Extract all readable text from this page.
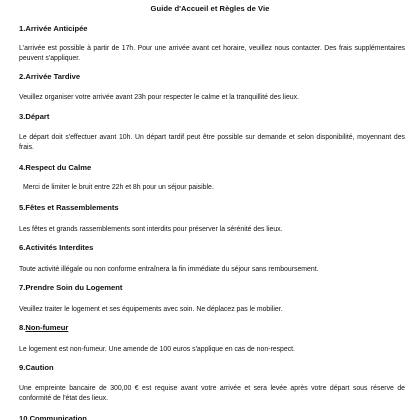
Guide d'Accueil et Règles de Vie
1.Arrivée Anticipée
L'arrivée est possible à partir de 17h. Pour une arrivée avant cet horaire, veuillez nous contacter. Des frais supplémentaires peuvent s'appliquer.
2.Arrivée Tardive
Veuillez organiser votre arrivée avant 23h pour respecter le calme et la tranquillité des lieux.
3.Départ
Le départ doit s'effectuer avant 10h. Un départ tardif peut être possible sur demande et selon disponibilité, moyennant des frais.
4.Respect du Calme
Merci de limiter le bruit entre 22h et 8h pour un séjour paisible.
5.Fêtes et Rassemblements
Les fêtes et grands rassemblements sont interdits pour préserver la sérénité des lieux.
6.Activités Interdites
Toute activité illégale ou non conforme entraînera la fin immédiate du séjour sans remboursement.
7.Prendre Soin du Logement
Veuillez traiter le logement et ses équipements avec soin. Ne déplacez pas le mobilier.
8.Non-fumeur
Le logement est non-fumeur. Une amende de 100 euros s'applique en cas de non-respect.
9.Caution
Une empreinte bancaire de 300,00 € est requise avant votre arrivée et sera levée après votre départ sous réserve de conformité de l'état des lieux.
10.Communication
